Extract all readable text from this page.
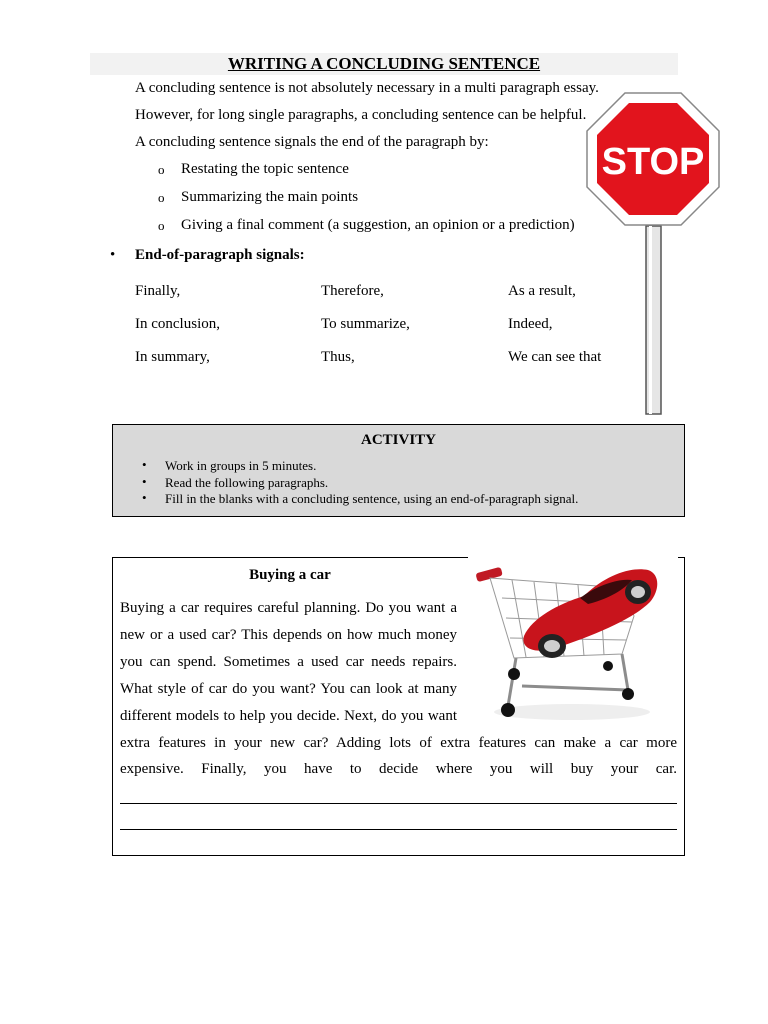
WRITING A CONCLUDING SENTENCE
A concluding sentence is not absolutely necessary in a multi paragraph essay.
However, for long single paragraphs, a concluding sentence can be helpful.
A concluding sentence signals the end of the paragraph by:
o Restating the topic sentence
o Summarizing the main points
o Giving a final comment (a suggestion, an opinion or a prediction)
• End-of-paragraph signals:
Finally,	Therefore,	As a result,
In conclusion,	To summarize,	Indeed,
In summary,	Thus,	We can see that
STOP
ACTIVITY
• Work in groups in 5 minutes.
• Read the following paragraphs.
• Fill in the blanks with a concluding sentence, using an end-of-paragraph signal.
Buying a car
Buying a car requires careful planning. Do you want a
new or a used car? This depends on how much money
you can spend. Sometimes a used car needs repairs.
What style of car do you want? You can look at many
different models to help you decide. Next, do you want
extra features in your new car? Adding lots of extra features can make a car more
expensive. Finally, you have to decide where you will buy your car.
